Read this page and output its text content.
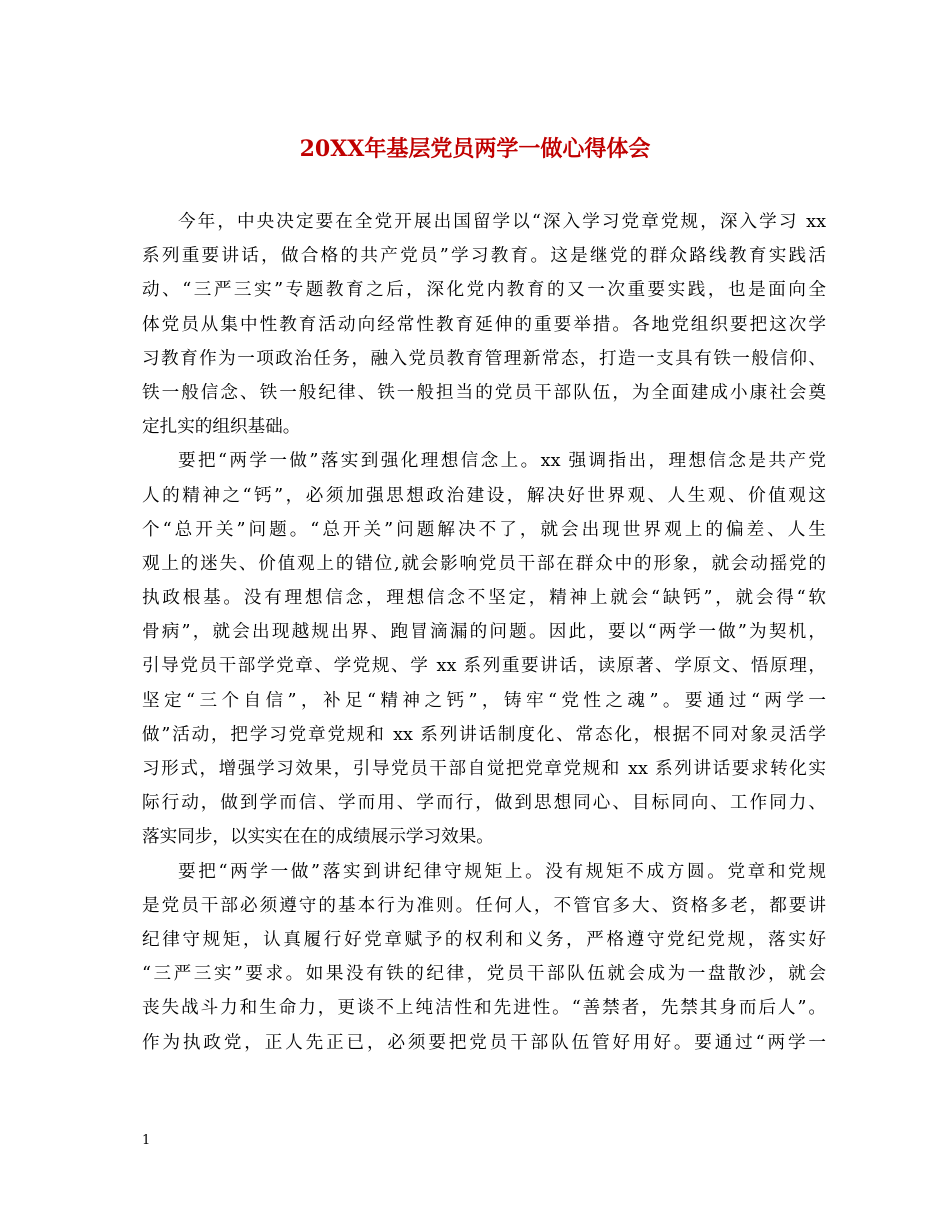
20XX年基层党员两学一做心得体会
今年，中央决定要在全党开展出国留学以“深入学习党章党规，深入学习 xx
系列重要讲话，做合格的共产党员”学习教育。这是继党的群众路线教育实践活
动、“三严三实”专题教育之后，深化党内教育的又一次重要实践，也是面向全
体党员从集中性教育活动向经常性教育延伸的重要举措。各地党组织要把这次学
习教育作为一项政治任务，融入党员教育管理新常态，打造一支具有铁一般信仰、
铁一般信念、铁一般纪律、铁一般担当的党员干部队伍，为全面建成小康社会奠
定扎实的组织基础。
要把“两学一做”落实到强化理想信念上。xx 强调指出，理想信念是共产党
人的精神之“钙”，必须加强思想政治建设，解决好世界观、人生观、价值观这
个“总开关”问题。“总开关”问题解决不了，就会出现世界观上的偏差、人生
观上的迷失、价值观上的错位,就会影响党员干部在群众中的形象，就会动摇党的
执政根基。没有理想信念，理想信念不坚定，精神上就会“缺钙”，就会得“软
骨病”，就会出现越规出界、跑冒滴漏的问题。因此，要以“两学一做”为契机，
引导党员干部学党章、学党规、学 xx 系列重要讲话，读原著、学原文、悟原理，
坚定“三个自信”，补足“精神之钙”，铸牢“党性之魂”。要通过“两学一
做”活动，把学习党章党规和 xx 系列讲话制度化、常态化，根据不同对象灵活学
习形式，增强学习效果，引导党员干部自觉把党章党规和 xx 系列讲话要求转化实
际行动，做到学而信、学而用、学而行，做到思想同心、目标同向、工作同力、
落实同步，以实实在在的成绩展示学习效果。
要把“两学一做”落实到讲纪律守规矩上。没有规矩不成方圆。党章和党规
是党员干部必须遵守的基本行为准则。任何人，不管官多大、资格多老，都要讲
纪律守规矩，认真履行好党章赋予的权利和义务，严格遵守党纪党规，落实好
“三严三实”要求。如果没有铁的纪律，党员干部队伍就会成为一盘散沙，就会
丧失战斗力和生命力，更谈不上纯洁性和先进性。“善禁者，先禁其身而后人”。
作为执政党，正人先正已，必须要把党员干部队伍管好用好。要通过“两学一
1
